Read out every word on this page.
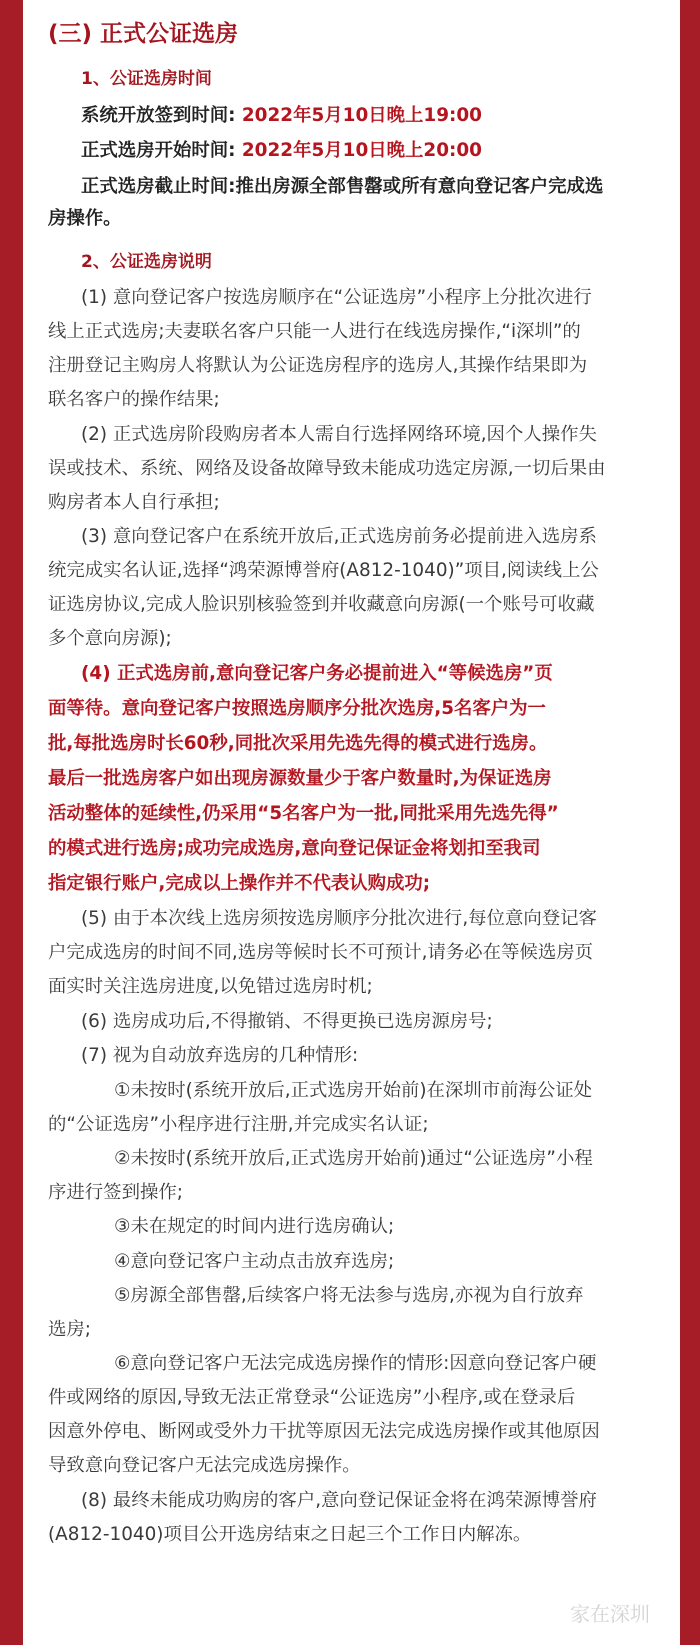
(三) 正式公证选房
1、公证选房时间
系统开放签到时间: 2022年5月10日晚上19:00
正式选房开始时间: 2022年5月10日晚上20:00
正式选房截止时间:推出房源全部售罄或所有意向登记客户完成选
房操作。
2、公证选房说明
(1) 意向登记客户按选房顺序在“公证选房”小程序上分批次进行
线上正式选房;夫妻联名客户只能一人进行在线选房操作,“i深圳”的
注册登记主购房人将默认为公证选房程序的选房人,其操作结果即为
联名客户的操作结果;
(2) 正式选房阶段购房者本人需自行选择网络环境,因个人操作失
误或技术、系统、网络及设备故障导致未能成功选定房源,一切后果由
购房者本人自行承担;
(3) 意向登记客户在系统开放后,正式选房前务必提前进入选房系
统完成实名认证,选择“鸿荣源博誉府(A812-1040)”项目,阅读线上公
证选房协议,完成人脸识别核验签到并收藏意向房源(一个账号可收藏
多个意向房源);
(4) 正式选房前,意向登记客户务必提前进入“等候选房”页
面等待。意向登记客户按照选房顺序分批次选房,5名客户为一
批,每批选房时长60秒,同批次采用先选先得的模式进行选房。
最后一批选房客户如出现房源数量少于客户数量时,为保证选房
活动整体的延续性,仍采用“5名客户为一批,同批采用先选先得”
的模式进行选房;成功完成选房,意向登记保证金将划扣至我司
指定银行账户,完成以上操作并不代表认购成功;
(5) 由于本次线上选房须按选房顺序分批次进行,每位意向登记客
户完成选房的时间不同,选房等候时长不可预计,请务必在等候选房页
面实时关注选房进度,以免错过选房时机;
(6) 选房成功后,不得撤销、不得更换已选房源房号;
(7) 视为自动放弃选房的几种情形:
①未按时(系统开放后,正式选房开始前)在深圳市前海公证处
的“公证选房”小程序进行注册,并完成实名认证;
②未按时(系统开放后,正式选房开始前)通过“公证选房”小程
序进行签到操作;
③未在规定的时间内进行选房确认;
④意向登记客户主动点击放弃选房;
⑤房源全部售罄,后续客户将无法参与选房,亦视为自行放弃
选房;
⑥意向登记客户无法完成选房操作的情形:因意向登记客户硬
件或网络的原因,导致无法正常登录“公证选房”小程序,或在登录后
因意外停电、断网或受外力干扰等原因无法完成选房操作或其他原因
导致意向登记客户无法完成选房操作。
(8) 最终未能成功购房的客户,意向登记保证金将在鸿荣源博誉府
(A812-1040)项目公开选房结束之日起三个工作日内解冻。
家在深圳
